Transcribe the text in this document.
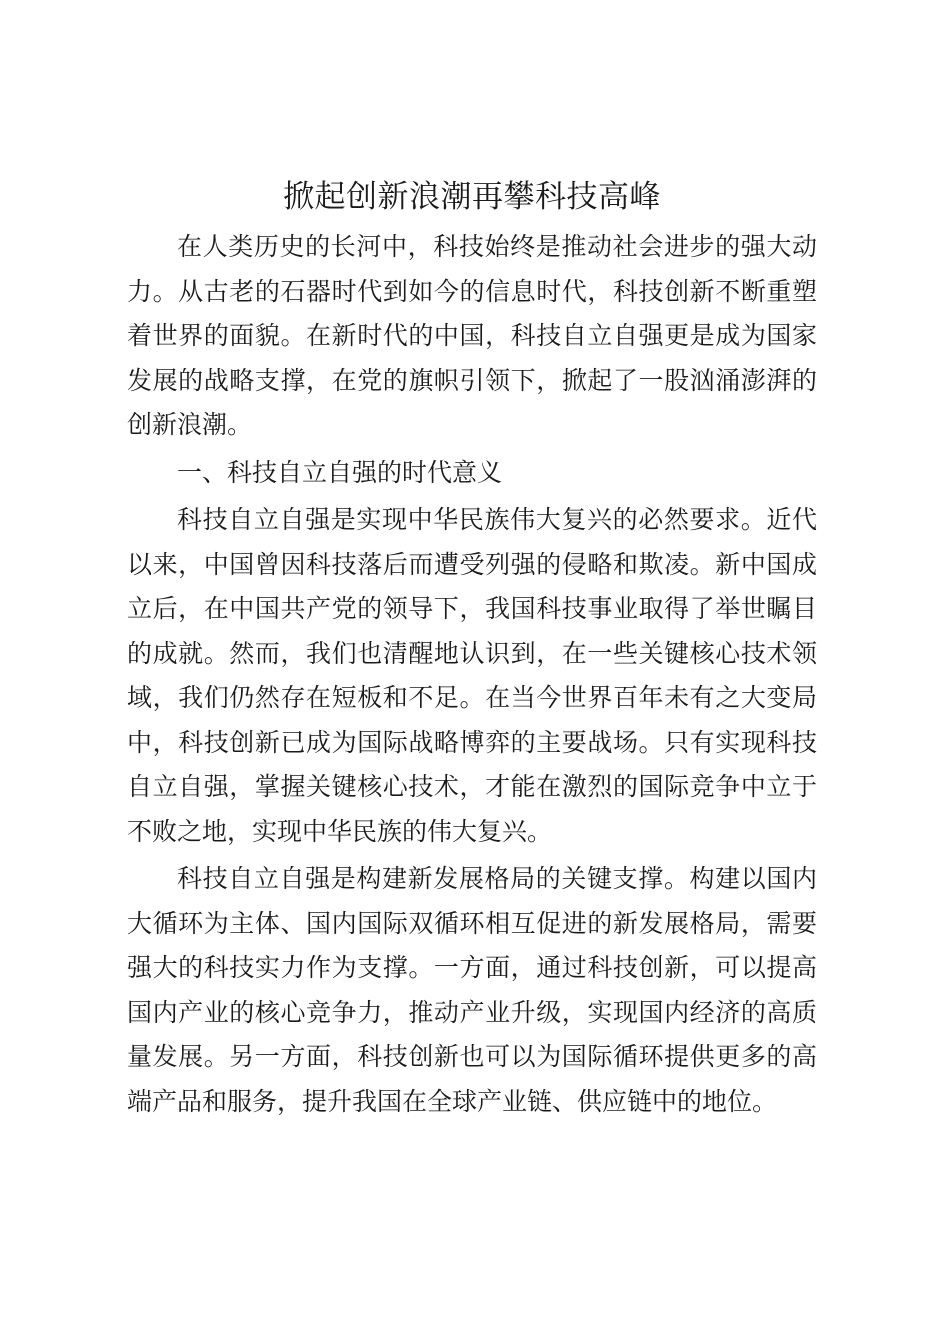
掀起创新浪潮再攀科技高峰

在人类历史的长河中，科技始终是推动社会进步的强大动力。从古老的石器时代到如今的信息时代，科技创新不断重塑着世界的面貌。在新时代的中国，科技自立自强更是成为国家发展的战略支撑，在党的旗帜引领下，掀起了一股汹涌澎湃的创新浪潮。

一、科技自立自强的时代意义

科技自立自强是实现中华民族伟大复兴的必然要求。近代以来，中国曾因科技落后而遭受列强的侵略和欺凌。新中国成立后，在中国共产党的领导下，我国科技事业取得了举世瞩目的成就。然而，我们也清醒地认识到，在一些关键核心技术领域，我们仍然存在短板和不足。在当今世界百年未有之大变局中，科技创新已成为国际战略博弈的主要战场。只有实现科技自立自强，掌握关键核心技术，才能在激烈的国际竞争中立于不败之地，实现中华民族的伟大复兴。

科技自立自强是构建新发展格局的关键支撑。构建以国内大循环为主体、国内国际双循环相互促进的新发展格局，需要强大的科技实力作为支撑。一方面，通过科技创新，可以提高国内产业的核心竞争力，推动产业升级，实现国内经济的高质量发展。另一方面，科技创新也可以为国际循环提供更多的高端产品和服务，提升我国在全球产业链、供应链中的地位。
